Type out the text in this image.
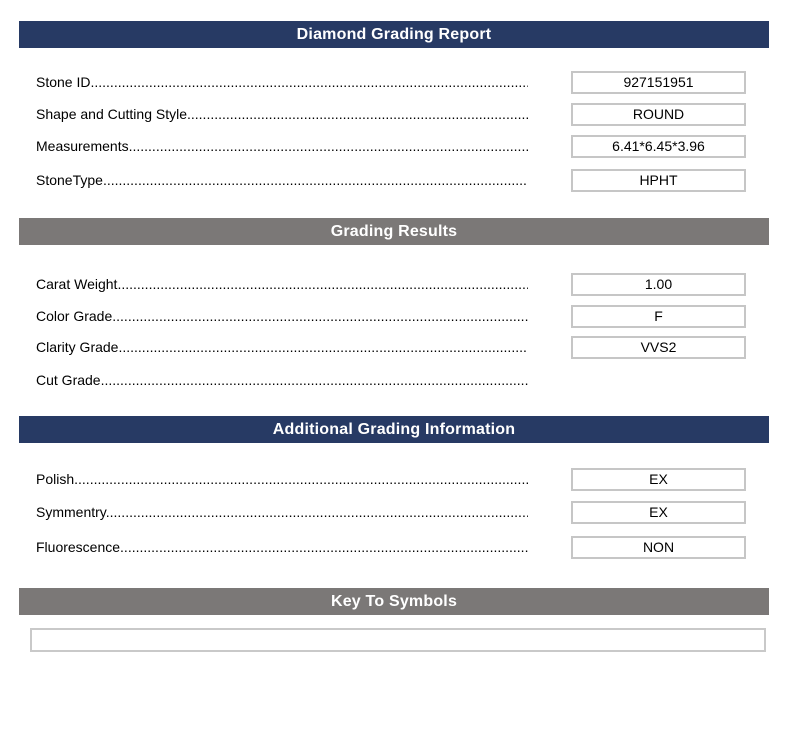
Diamond Grading Report
Stone ID .....	927151951
Shape and Cutting Style .....	ROUND
Measurements .....	6.41*6.45*3.96
StoneType .....	HPHT
Grading Results
Carat Weight .....	1.00
Color Grade .....	F
Clarity Grade .....	VVS2
Cut Grade .....
Additional Grading Information
Polish .....	EX
Symmentry .....	EX
Fluorescence .....	NON
Key To Symbols
